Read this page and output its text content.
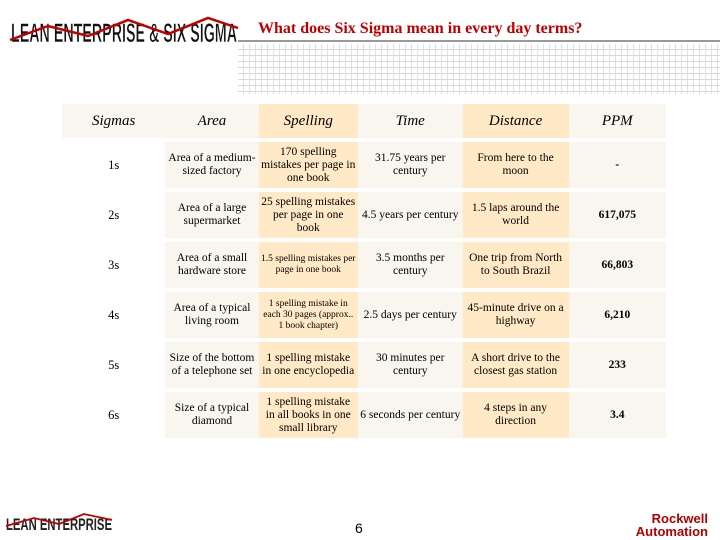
LEAN ENTERPRISE & SIX SIGMA What does Six Sigma mean in every day terms?
Sigmas	Area	Spelling	Time	Distance	PPM
1s	Area of a medium-sized factory	170 spelling mistakes per page in one book	31.75 years per century	From here to the moon	-
2s	Area of a large supermarket	25 spelling mistakes per page in one book	4.5 years per century	1.5 laps around the world	617,075
3s	Area of a small hardware store	1.5 spelling mistakes per page in one book	3.5 months per century	One trip from North to South Brazil	66,803
4s	Area of a typical living room	1 spelling mistake in each 30 pages (approx.. 1 book chapter)	2.5 days per century	45-minute drive on a highway	6,210
5s	Size of the bottom of a telephone set	1 spelling mistake in one encyclopedia	30 minutes per century	A short drive to the closest gas station	233
6s	Size of a typical diamond	1 spelling mistake in all books in one small library	6 seconds per century	4 steps in any direction	3.4
LEAN ENTERPRISE	6
Rockwell
Automation
